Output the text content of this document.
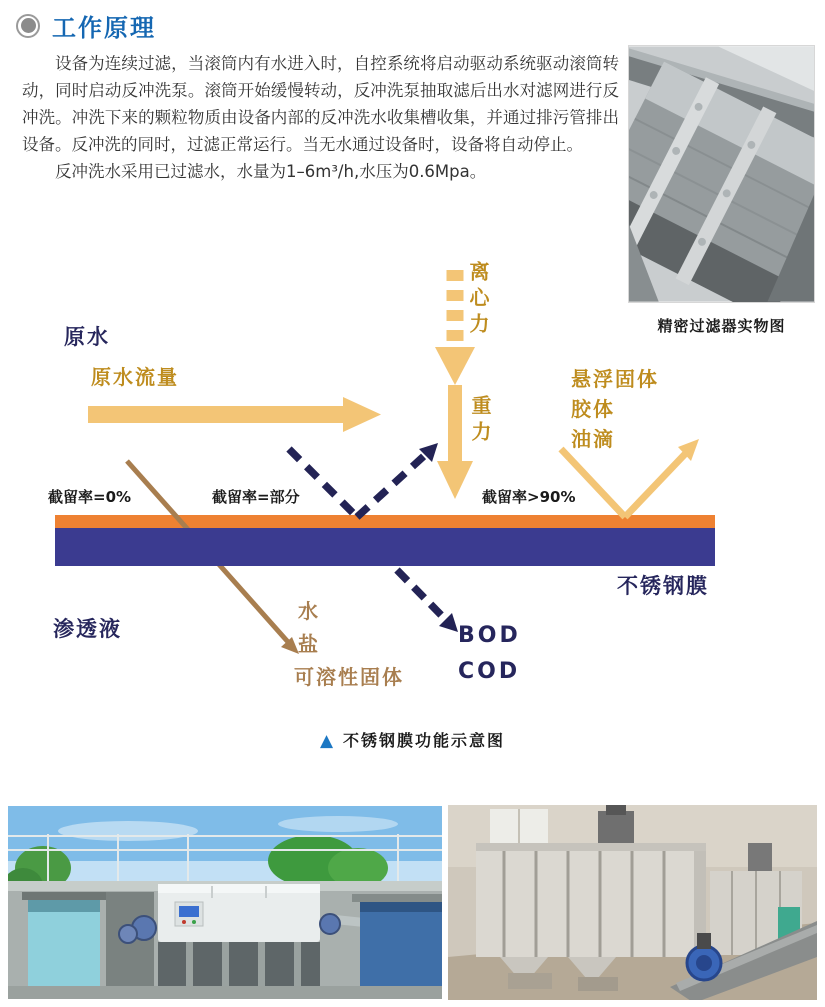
工作原理

设备为连续过滤，当滚筒内有水进入时，自控系统将启动驱动系统驱动滚筒转动，同时启动反冲洗泵。滚筒开始缓慢转动，反冲洗泵抽取滤后出水对滤网进行反冲洗。冲洗下来的颗粒物质由设备内部的反冲洗水收集槽收集，并通过排污管排出设备。反冲洗的同时，过滤正常运行。当无水通过设备时，设备将自动停止。

反冲洗水采用已过滤水，水量为1–6m³/h,水压为0.6Mpa。

精密过滤器实物图
原水
原水流量
离心力
重力
悬浮固体
胶体
油滴
截留率=0%	截留率=部分	截留率>90%
不锈钢膜
渗透液
水
盐
可溶性固体
BOD
COD
▲ 不锈钢膜功能示意图
